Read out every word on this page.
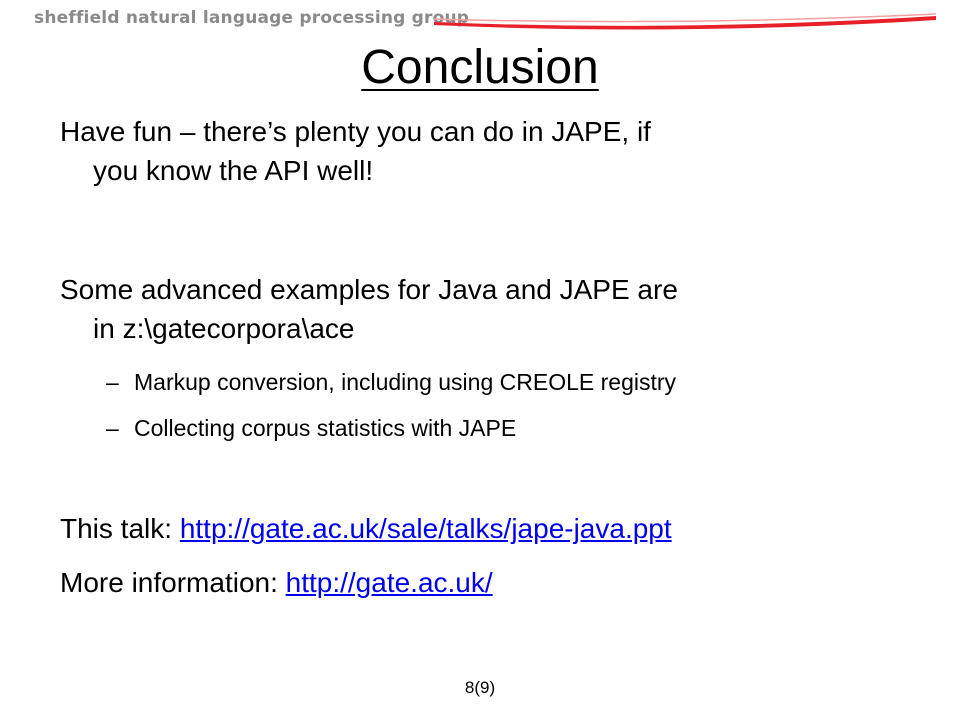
sheffield natural language processing group
Conclusion
Have fun – there’s plenty you can do in JAPE, if
you know the API well!
Some advanced examples for Java and JAPE are
in z:\gatecorpora\ace
– Markup conversion, including using CREOLE registry
– Collecting corpus statistics with JAPE
This talk: http://gate.ac.uk/sale/talks/jape-java.ppt
More information: http://gate.ac.uk/
8(9)
